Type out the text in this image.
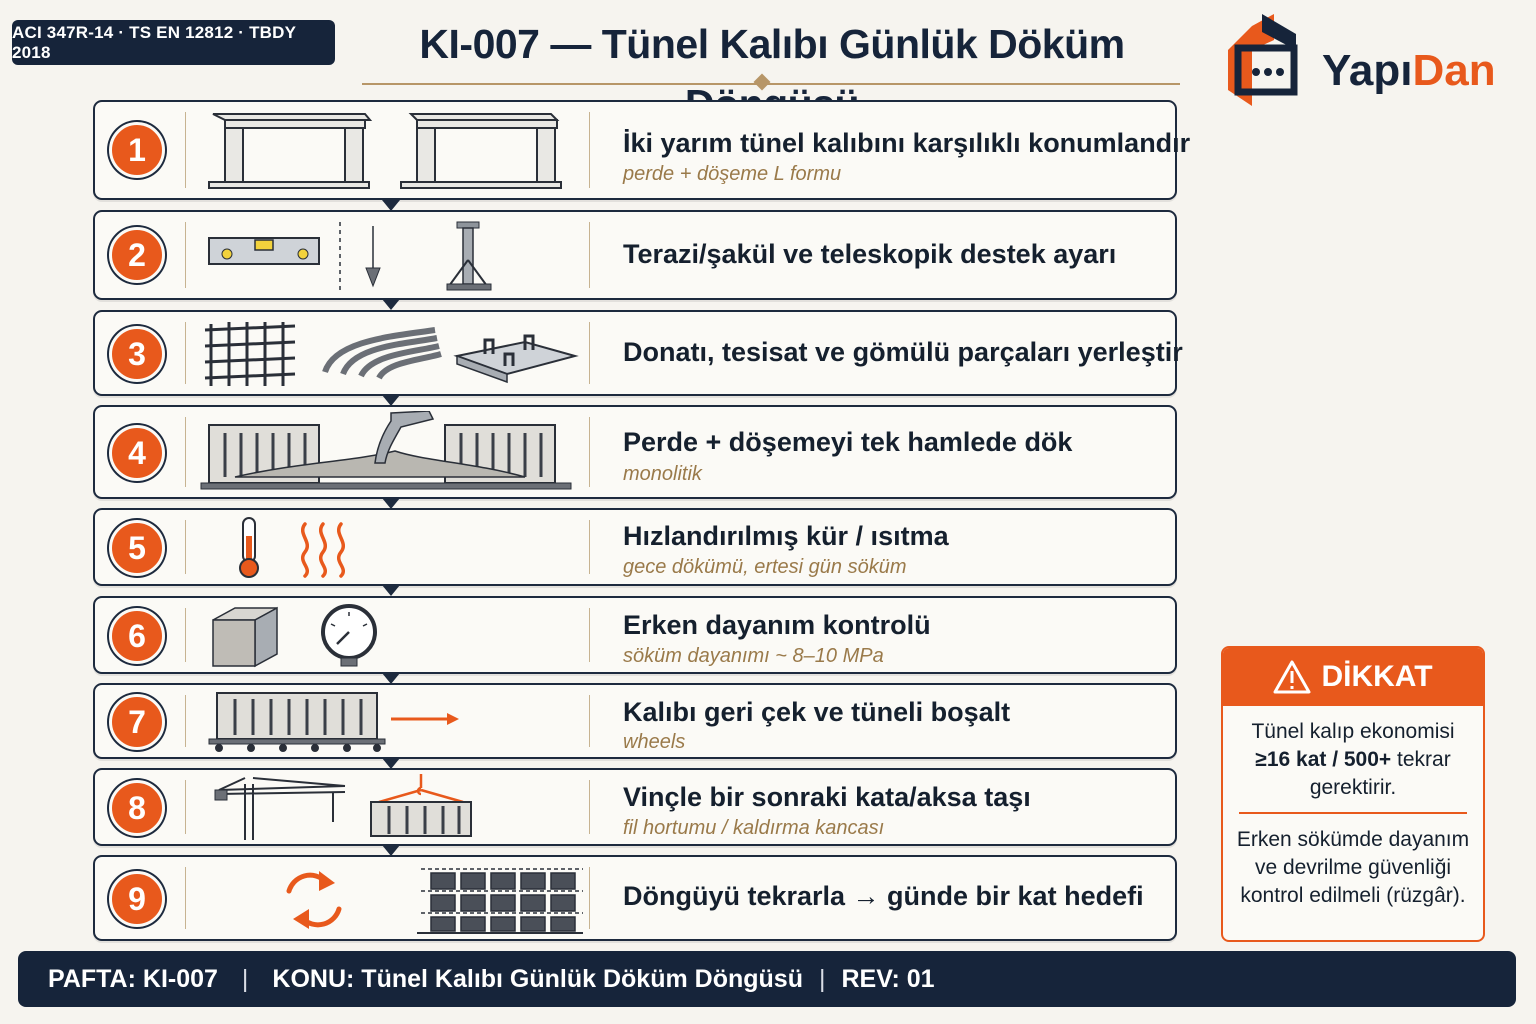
ACI 347R-14 · TS EN 12812 · TBDY 2018	KI-007 — Tünel Kalıbı Günlük Döküm
YapıDan
1	İki yarım tünel kalıbını karşılıklı konumlandır
perde + döşeme L formu
2	Terazi/şakül ve teleskopik destek ayarı
3	Donatı, tesisat ve gömülü parçaları yerleştir
4	Perde + döşemeyi tek hamlede dök
monolitik
5	Hızlandırılmış kür / ısıtma
gece dökümü, ertesi gün söküm
6	Erken dayanım kontrolü
söküm dayanımı ~ 8–10 MPa
7	Kalıbı geri çek ve tüneli boşalt
wheels
8	Vinçle bir sonraki kata/aksa taşı
fil hortumu / kaldırma kancası
9	Döngüyü tekrarla → günde bir kat hedefi
DİKKAT
Tünel kalıp ekonomisi
≥16 kat / 500+ tekrar
gerektirir.
Erken sökümde dayanım ve devrilme güvenliği kontrol edilmeli (rüzgâr).
PAFTA: KI-007 | KONU: Tünel Kalıbı Günlük Döküm Döngüsü | REV: 01
